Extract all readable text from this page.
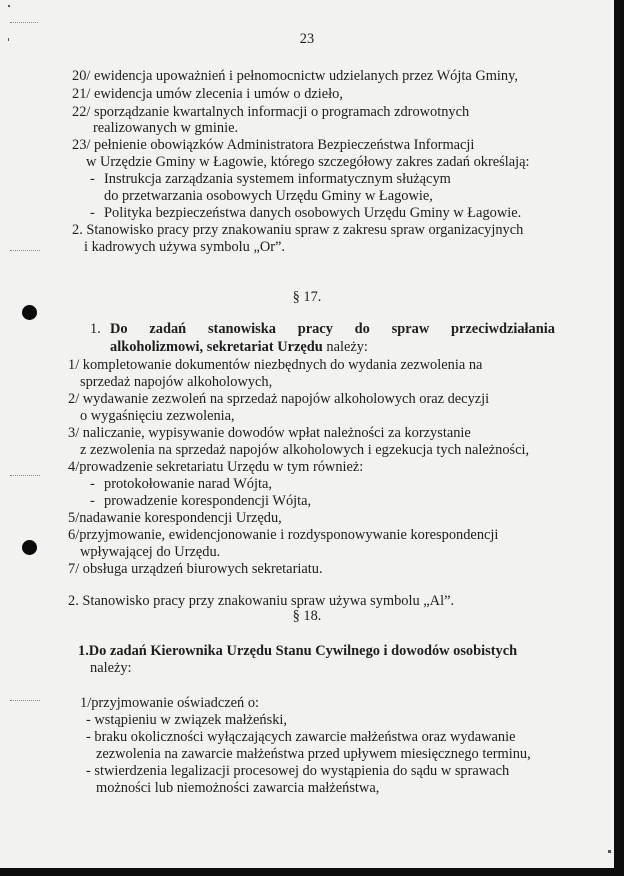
23
20/ ewidencja upoważnień i pełnomocnictw udzielanych przez Wójta Gminy,
21/ ewidencja umów zlecenia i umów o dzieło,
22/ sporządzanie kwartalnych informacji o programach zdrowotnych
realizowanych w gminie.
23/ pełnienie obowiązków Administratora Bezpieczeństwa Informacji
w Urzędzie Gminy w Łagowie, którego szczegółowy zakres zadań określają:
- Instrukcja zarządzania systemem informatycznym służącym
do przetwarzania osobowych Urzędu Gminy w Łagowie,
- Polityka bezpieczeństwa danych osobowych Urzędu Gminy w Łagowie.
2. Stanowisko pracy przy znakowaniu spraw z zakresu spraw organizacyjnych
i kadrowych używa symbolu „Or”.
§ 17.
1. Do zadań stanowiska pracy do spraw przeciwdziałania
alkoholizmowi, sekretariat Urzędu należy:
1/ kompletowanie dokumentów niezbędnych do wydania zezwolenia na
sprzedaż napojów alkoholowych,
2/ wydawanie zezwoleń na sprzedaż napojów alkoholowych oraz decyzji
o wygaśnięciu zezwolenia,
3/ naliczanie, wypisywanie dowodów wpłat należności za korzystanie
z zezwolenia na sprzedaż napojów alkoholowych i egzekucja tych należności,
4/prowadzenie sekretariatu Urzędu w tym również:
- protokołowanie narad Wójta,
- prowadzenie korespondencji Wójta,
5/nadawanie korespondencji Urzędu,
6/przyjmowanie, ewidencjonowanie i rozdysponowywanie korespondencji
wpływającej do Urzędu.
7/ obsługa urządzeń biurowych sekretariatu.
2. Stanowisko pracy przy znakowaniu spraw używa symbolu „Al”.
§ 18.
1.Do zadań Kierownika Urzędu Stanu Cywilnego i dowodów osobistych
należy:
1/przyjmowanie oświadczeń o:
- wstąpieniu w związek małżeński,
- braku okoliczności wyłączających zawarcie małżeństwa oraz wydawanie
zezwolenia na zawarcie małżeństwa przed upływem miesięcznego terminu,
- stwierdzenia legalizacji procesowej do wystąpienia do sądu w sprawach
możności lub niemożności zawarcia małżeństwa,
